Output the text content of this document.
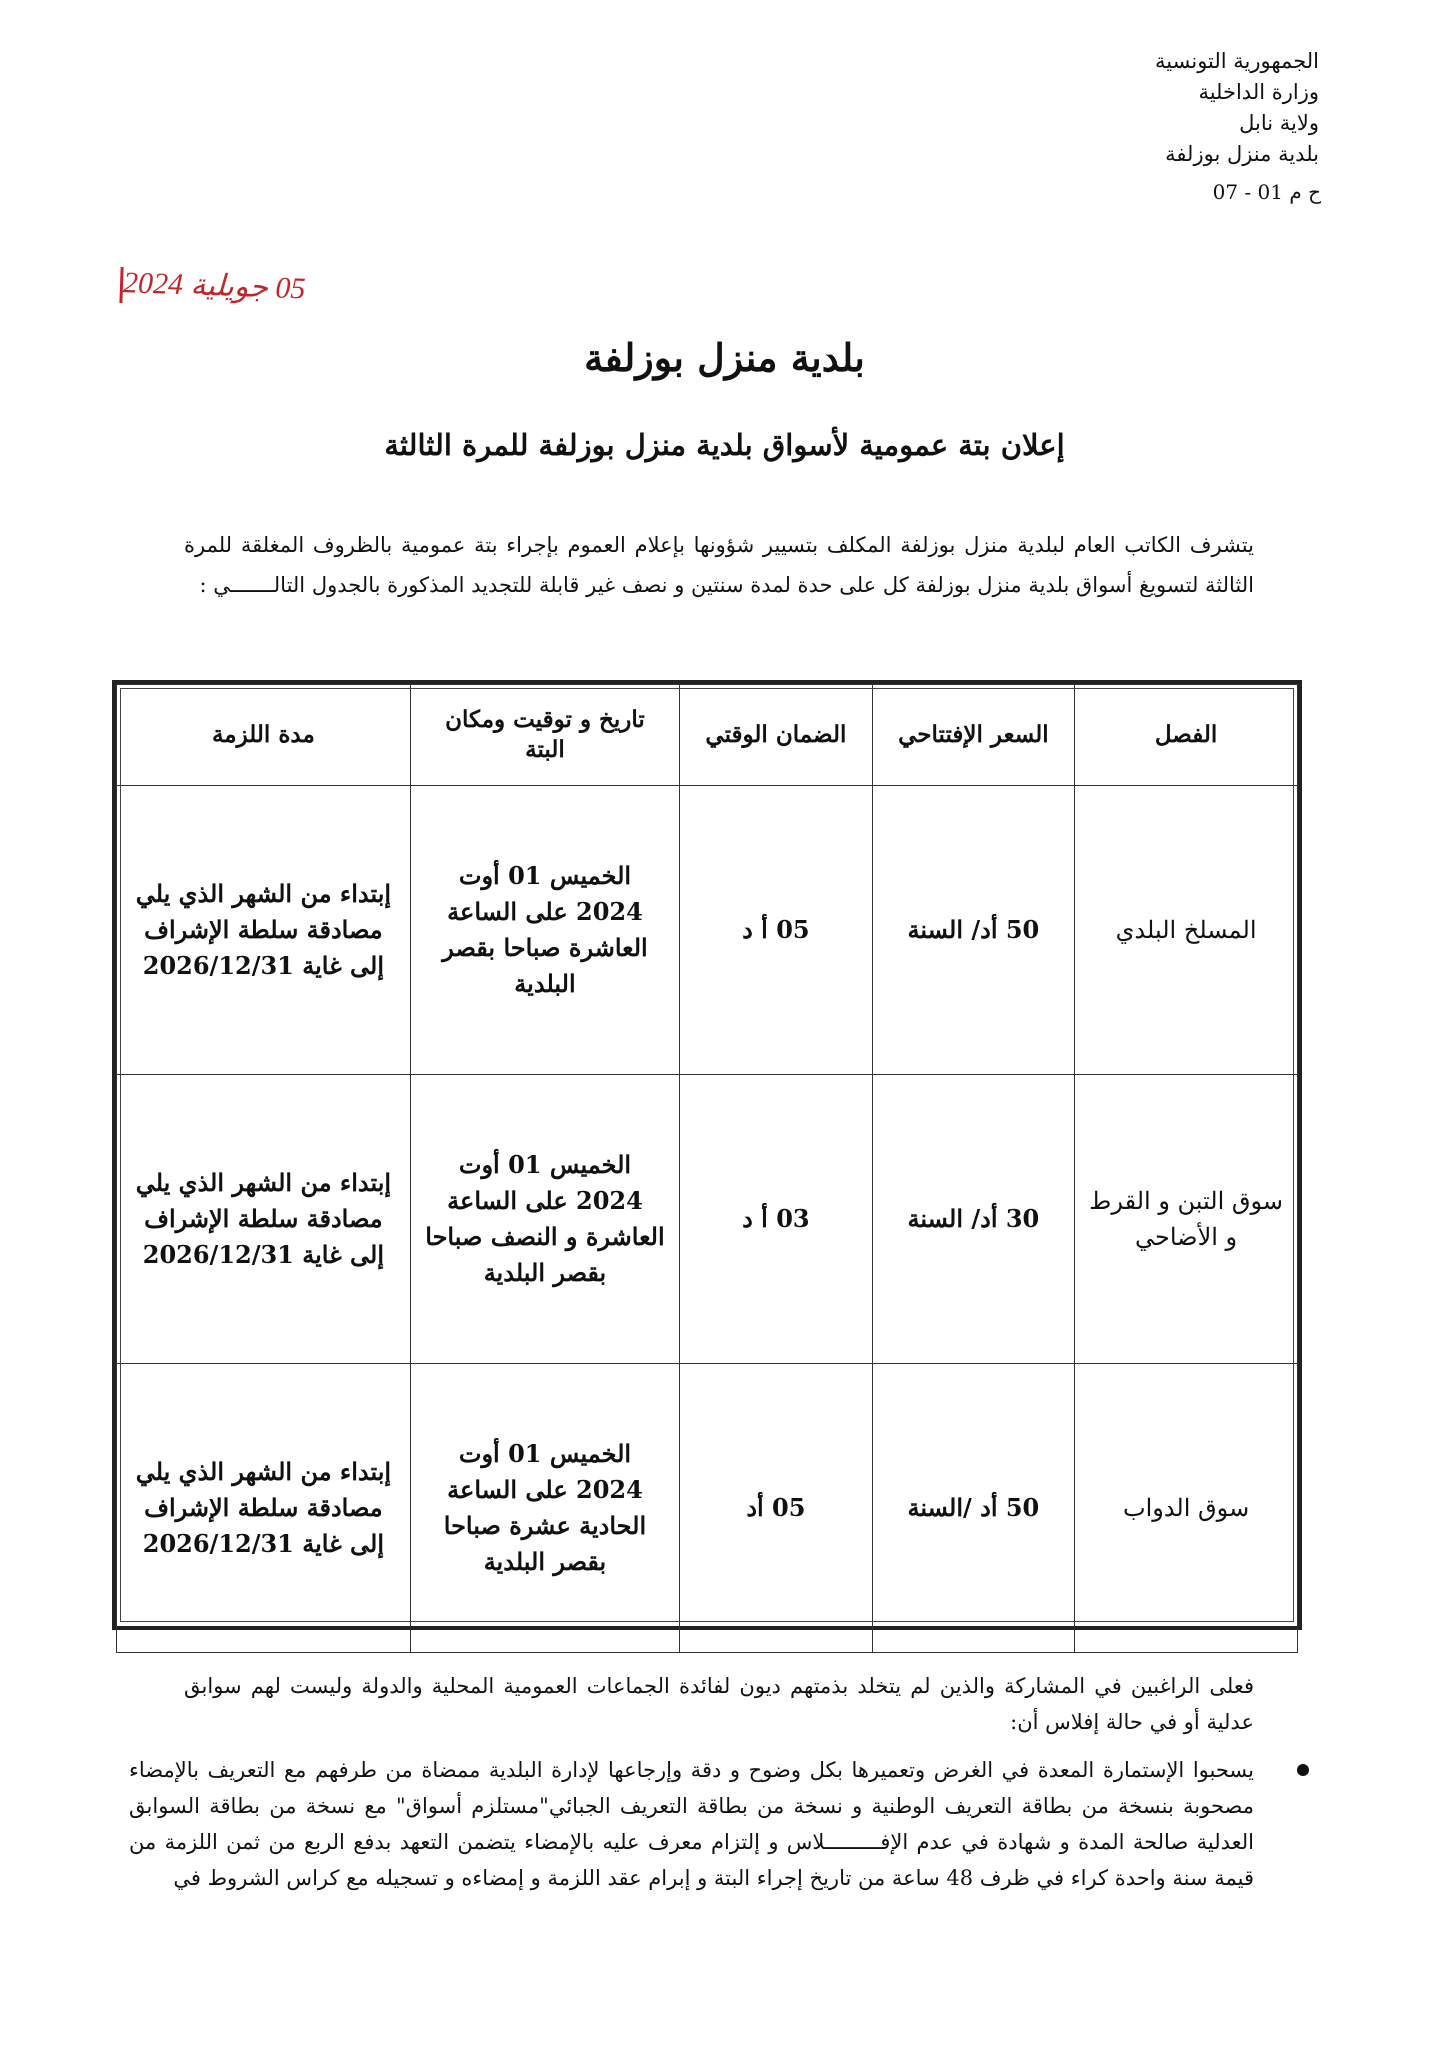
الجمهورية التونسية
وزارة الداخلية
ولاية نابل
بلدية منزل بوزلفة
07 - 01 ح م
05 جويلية 2024
بلدية منزل بوزلفة
إعلان بتة عمومية لأسواق بلدية منزل بوزلفة للمرة الثالثة
يتشرف الكاتب العام لبلدية منزل بوزلفة المكلف بتسيير شؤونها بإعلام العموم بإجراء بتة عمومية بالظروف المغلقة للمرة الثالثة لتسويغ أسواق بلدية منزل بوزلفة كل على حدة لمدة سنتين و نصف غير قابلة للتجديد المذكورة بالجدول التالـــــــي :
الفصل	السعر الإفتتاحي	الضمان الوقتي	تاريخ و توقيت ومكان البتة	مدة اللزمة
المسلخ البلدي	50 أد/ السنة	05 أ د	الخميس 01 أوت 2024 على الساعة العاشرة صباحا بقصر البلدية	إبتداء من الشهر الذي يلي مصادقة سلطة الإشراف إلى غاية 2026/12/31
سوق التبن و القرط و الأضاحي	30 أد/ السنة	03 أ د	الخميس 01 أوت 2024 على الساعة العاشرة و النصف صباحا بقصر البلدية	إبتداء من الشهر الذي يلي مصادقة سلطة الإشراف إلى غاية 2026/12/31
سوق الدواب	50 أد /السنة	05 أد	الخميس 01 أوت 2024 على الساعة الحادية عشرة صباحا بقصر البلدية	إبتداء من الشهر الذي يلي مصادقة سلطة الإشراف إلى غاية 2026/12/31
فعلى الراغبين في المشاركة والذين لم يتخلد بذمتهم ديون لفائدة الجماعات العمومية المحلية والدولة وليست لهم سوابق عدلية أو في حالة إفلاس أن:
يسحبوا الإستمارة المعدة في الغرض وتعميرها بكل وضوح و دقة وإرجاعها لإدارة البلدية ممضاة من طرفهم مع التعريف بالإمضاء مصحوبة بنسخة من بطاقة التعريف الوطنية و نسخة من بطاقة التعريف الجبائي"مستلزم أسواق" مع نسخة من بطاقة السوابق العدلية صالحة المدة و شهادة في عدم الإفـــــــــلاس و إلتزام معرف عليه بالإمضاء يتضمن التعهد بدفع الربع من ثمن اللزمة من قيمة سنة واحدة كراء في ظرف 48 ساعة من تاريخ إجراء البتة و إبرام عقد اللزمة و إمضاءه و تسجيله مع كراس الشروط في
